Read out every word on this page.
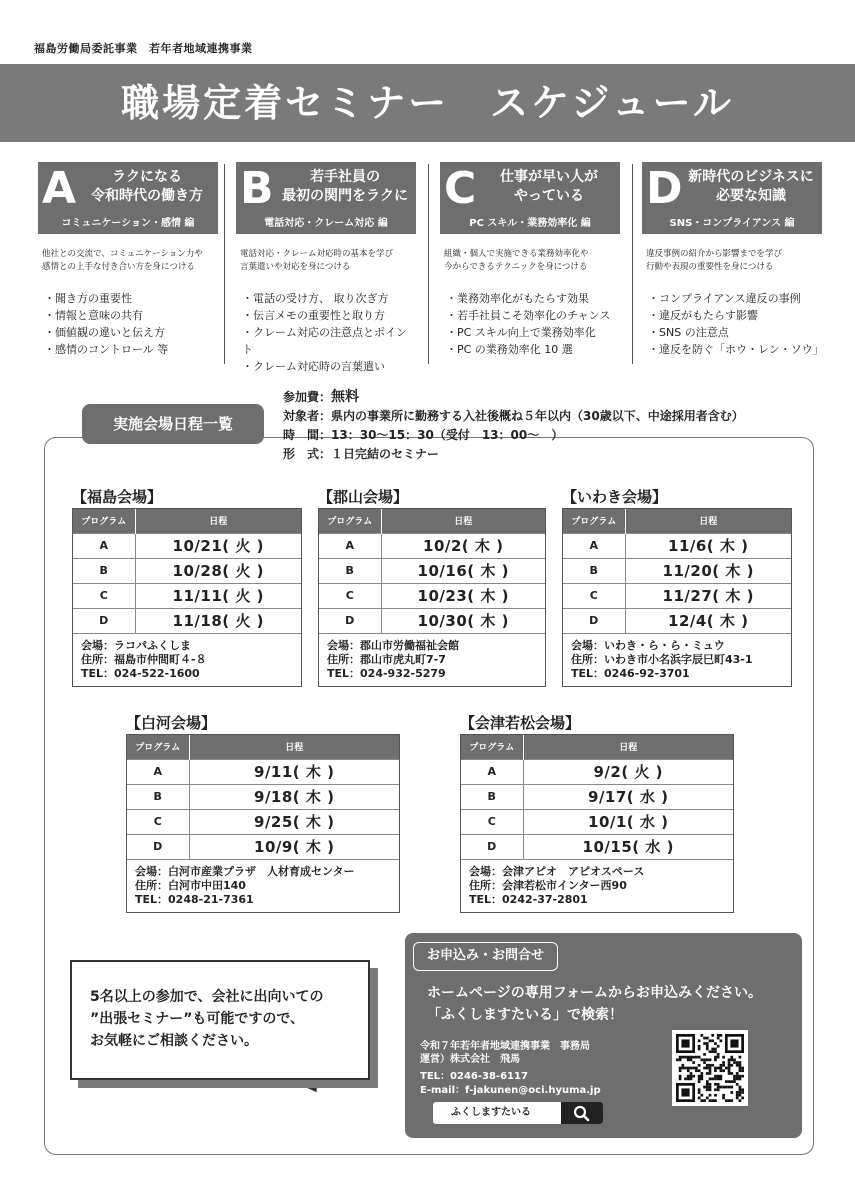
福島労働局委託事業　若年者地域連携事業
職場定着セミナー　スケジュール
A	ラクになる
令和時代の働き方
コミュニケーション・感情 編
他社との交流で、コミュニケーション力や
感情との上手な付き合い方を身につける
・聞き方の重要性
・情報と意味の共有
・価値観の違いと伝え方
・感情のコントロール 等
B	若手社員の
最初の関門をラクに
電話対応・クレーム対応 編
電話対応・クレーム対応時の基本を学び
言葉遣いや対応を身につける
・電話の受け方、 取り次ぎ方
・伝言メモの重要性と取り方
・クレーム対応の注意点とポイント
・クレーム対応時の言葉遣い
C	仕事が早い人が
やっている
PC スキル・業務効率化 編
組織・個人で実施できる業務効率化や
今からできるテクニックを身につける
・業務効率化がもたらす効果
・若手社員こそ効率化のチャンス
・PC スキル向上で業務効率化
・PC の業務効率化 10 選
D 新時代のビジネスに
必要な知識
SNS・コンプライアンス 編
違反事例の紹介から影響までを学び
行動や表現の重要性を身につける
・コンプライアンス違反の事例
・違反がもたらす影響
・SNS の注意点
・違反を防ぐ「ホウ・レン・ソウ」
実施会場日程一覧
参加費：無料
対象者：県内の事業所に勤務する入社後概ね５年以内（30歳以下、中途採用者含む）
時　間：13：30〜15：30（受付　13：00〜　）
形　式：１日完結のセミナー
【福島会場】
プログラム	日程
A	10/21( 火 )
B	10/28( 火 )
C	11/11( 火 )
D	11/18( 火 )
会場：ラコパふくしま
住所：福島市仲間町４-８
TEL：024-522-1600
【郡山会場】
プログラム	日程
A	10/2( 木 )
B	10/16( 木 )
C	10/23( 木 )
D	10/30( 木 )
会場：郡山市労働福祉会館
住所：郡山市虎丸町7-7
TEL：024-932-5279
【いわき会場】
プログラム	日程
A	11/6( 木 )
B	11/20( 木 )
C	11/27( 木 )
D	12/4( 木 )
会場：いわき・ら・ら・ミュウ
住所：いわき市小名浜字辰巳町43-1
TEL：0246-92-3701
【白河会場】
プログラム	日程
A	9/11( 木 )
B	9/18( 木 )
C	9/25( 木 )
D	10/9( 木 )
会場：白河市産業プラザ　人材育成センター
住所：白河市中田140
TEL：0248-21-7361
【会津若松会場】
プログラム	日程
A	9/2( 火 )
B	9/17( 水 )
C	10/1( 水 )
D	10/15( 水 )
会場：会津アピオ　アピオスペース
住所：会津若松市インター西90
TEL：0242-37-2801
5名以上の参加で、会社に出向いての
”出張セミナー”も可能ですので、
お気軽にご相談ください。
お申込み・お問合せ
ホームページの専用フォームからお申込みください。
「ふくしますたいる」で検索！
令和７年若年者地域連携事業　事務局
運営）株式会社　飛馬
TEL：0246-38-6117
E-mail：f-jakunen@oci.hyuma.jp
ふくしますたいる
